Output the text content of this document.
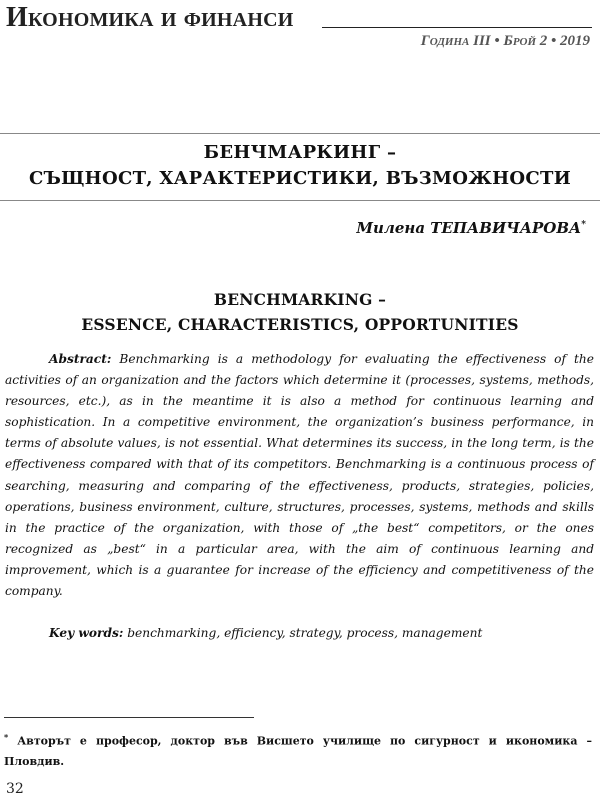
Икономика и финанси
Година III • Брой 2 • 2019
БЕНЧМАРКИНГ –
СЪЩНОСТ, ХАРАКТЕРИСТИКИ, ВЪЗМОЖНОСТИ
Милена ТЕПАВИЧАРОВА*
BENCHMARKING –
ESSENCE, CHARACTERISTICS, OPPORTUNITIES

Abstract: Benchmarking is a methodology for evaluating the effectiveness of the activities of an organization and the factors which determine it (processes, systems, methods, resources, etc.), as in the meantime it is also a method for continuous learning and sophistication. In a competitive environment, the organization’s business performance, in terms of absolute values, is not essential. What determines its success, in the long term, is the effectiveness compared with that of its competitors. Benchmarking is a continuous process of searching, measuring and comparing of the effectiveness, products, strategies, policies, operations, business environment, culture, structures, processes, systems, methods and skills in the practice of the organization, with those of „the best“ competitors, or the ones recognized as „best“ in a particular area, with the aim of continuous learning and improvement, which is a guarantee for increase of the efficiency and competitiveness of the company.

Key words: benchmarking, efficiency, strategy, process, management

* Авторът е професор, доктор във Висшето училище по сигурност и икономика – Пловдив.

32
